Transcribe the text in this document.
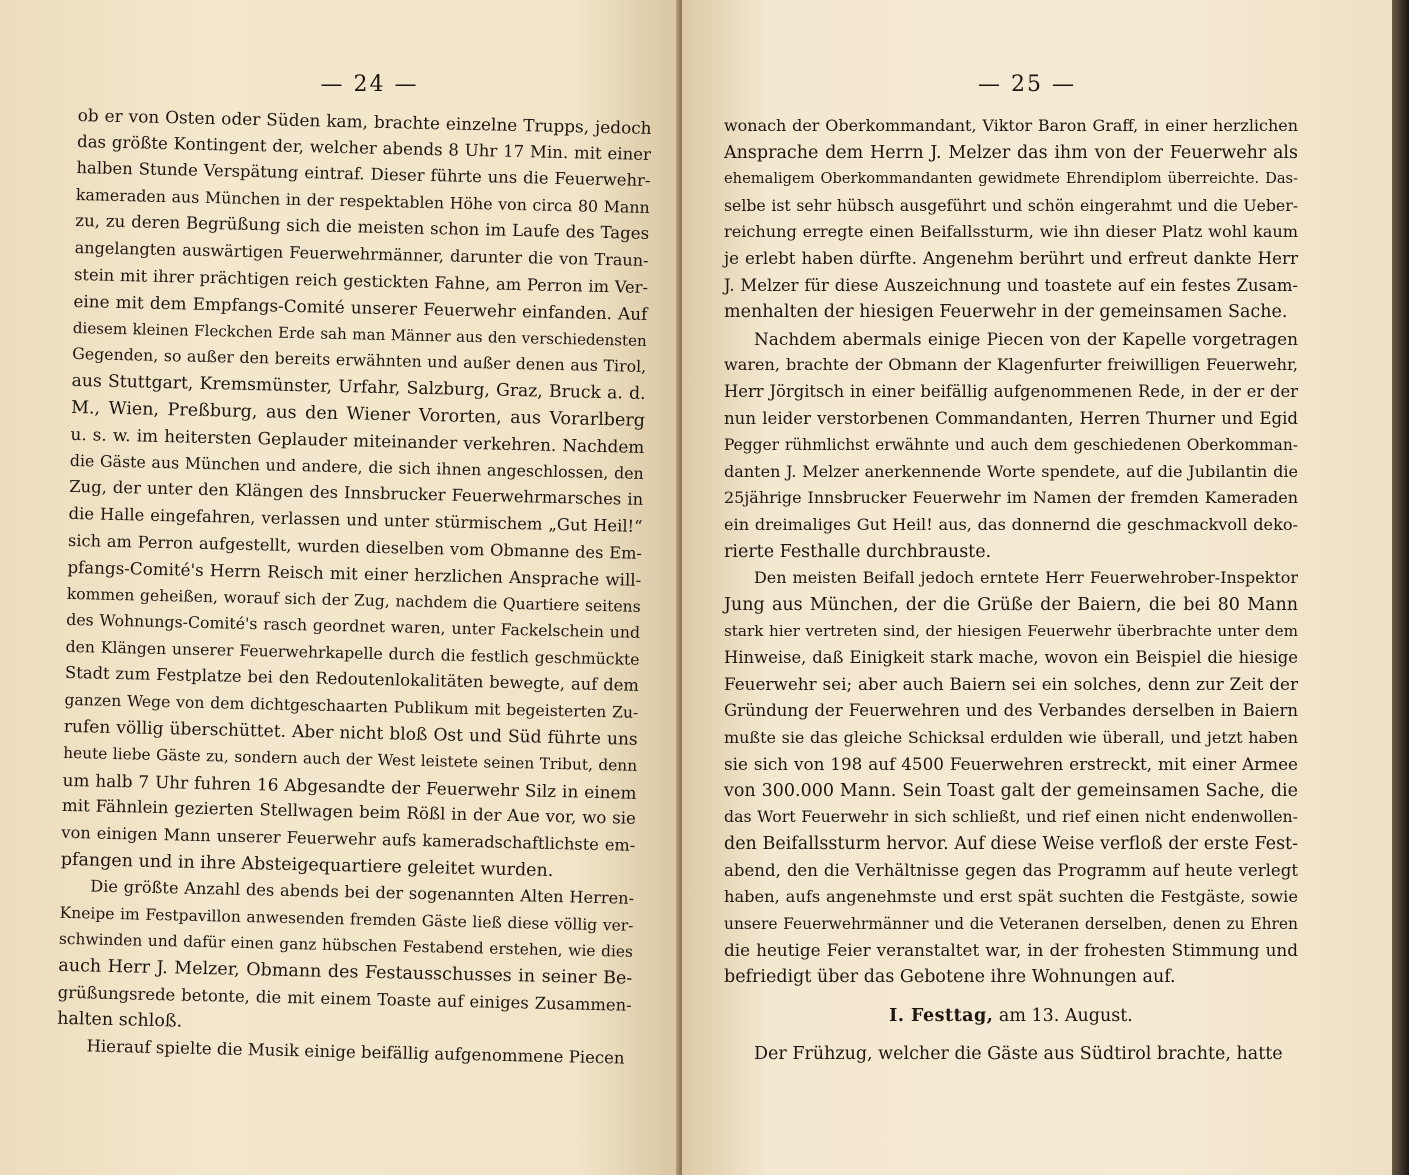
— 24 —
ob er von Osten oder Süden kam, brachte einzelne Trupps, jedoch
das größte Kontingent der, welcher abends 8 Uhr 17 Min. mit einer
halben Stunde Verspätung eintraf. Dieser führte uns die Feuerwehr-
kameraden aus München in der respektablen Höhe von circa 80 Mann
zu, zu deren Begrüßung sich die meisten schon im Laufe des Tages
angelangten auswärtigen Feuerwehrmänner, darunter die von Traun-
stein mit ihrer prächtigen reich gestickten Fahne, am Perron im Ver-
eine mit dem Empfangs-Comité unserer Feuerwehr einfanden. Auf
diesem kleinen Fleckchen Erde sah man Männer aus den verschiedensten
Gegenden, so außer den bereits erwähnten und außer denen aus Tirol,
aus Stuttgart, Kremsmünster, Urfahr, Salzburg, Graz, Bruck a. d.
M., Wien, Preßburg, aus den Wiener Vororten, aus Vorarlberg
u. s. w. im heitersten Geplauder miteinander verkehren. Nachdem
die Gäste aus München und andere, die sich ihnen angeschlossen, den
Zug, der unter den Klängen des Innsbrucker Feuerwehrmarsches in
die Halle eingefahren, verlassen und unter stürmischem „Gut Heil!“
sich am Perron aufgestellt, wurden dieselben vom Obmanne des Em-
pfangs-Comité's Herrn Reisch mit einer herzlichen Ansprache will-
kommen geheißen, worauf sich der Zug, nachdem die Quartiere seitens
des Wohnungs-Comité's rasch geordnet waren, unter Fackelschein und
den Klängen unserer Feuerwehrkapelle durch die festlich geschmückte
Stadt zum Festplatze bei den Redoutenlokalitäten bewegte, auf dem
ganzen Wege von dem dichtgeschaarten Publikum mit begeisterten Zu-
rufen völlig überschüttet. Aber nicht bloß Ost und Süd führte uns
heute liebe Gäste zu, sondern auch der West leistete seinen Tribut, denn
um halb 7 Uhr fuhren 16 Abgesandte der Feuerwehr Silz in einem
mit Fähnlein gezierten Stellwagen beim Rößl in der Aue vor, wo sie
von einigen Mann unserer Feuerwehr aufs kameradschaftlichste em-
pfangen und in ihre Absteigequartiere geleitet wurden.
Die größte Anzahl des abends bei der sogenannten Alten Herren-
Kneipe im Festpavillon anwesenden fremden Gäste ließ diese völlig ver-
schwinden und dafür einen ganz hübschen Festabend erstehen, wie dies
auch Herr J. Melzer, Obmann des Festausschusses in seiner Be-
grüßungsrede betonte, die mit einem Toaste auf einiges Zusammen-
halten schloß.
Hierauf spielte die Musik einige beifällig aufgenommene Piecen
— 25 —
wonach der Oberkommandant, Viktor Baron Graff, in einer herzlichen
Ansprache dem Herrn J. Melzer das ihm von der Feuerwehr als
ehemaligem Oberkommandanten gewidmete Ehrendiplom überreichte. Das-
selbe ist sehr hübsch ausgeführt und schön eingerahmt und die Ueber-
reichung erregte einen Beifallssturm, wie ihn dieser Platz wohl kaum
je erlebt haben dürfte. Angenehm berührt und erfreut dankte Herr
J. Melzer für diese Auszeichnung und toastete auf ein festes Zusam-
menhalten der hiesigen Feuerwehr in der gemeinsamen Sache.
Nachdem abermals einige Piecen von der Kapelle vorgetragen
waren, brachte der Obmann der Klagenfurter freiwilligen Feuerwehr,
Herr Jörgitsch in einer beifällig aufgenommenen Rede, in der er der
nun leider verstorbenen Commandanten, Herren Thurner und Egid
Pegger rühmlichst erwähnte und auch dem geschiedenen Oberkomman-
danten J. Melzer anerkennende Worte spendete, auf die Jubilantin die
25jährige Innsbrucker Feuerwehr im Namen der fremden Kameraden
ein dreimaliges Gut Heil! aus, das donnernd die geschmackvoll deko-
rierte Festhalle durchbrauste.
Den meisten Beifall jedoch erntete Herr Feuerwehrober-Inspektor
Jung aus München, der die Grüße der Baiern, die bei 80 Mann
stark hier vertreten sind, der hiesigen Feuerwehr überbrachte unter dem
Hinweise, daß Einigkeit stark mache, wovon ein Beispiel die hiesige
Feuerwehr sei; aber auch Baiern sei ein solches, denn zur Zeit der
Gründung der Feuerwehren und des Verbandes derselben in Baiern
mußte sie das gleiche Schicksal erdulden wie überall, und jetzt haben
sie sich von 198 auf 4500 Feuerwehren erstreckt, mit einer Armee
von 300.000 Mann. Sein Toast galt der gemeinsamen Sache, die
das Wort Feuerwehr in sich schließt, und rief einen nicht endenwollen-
den Beifallssturm hervor. Auf diese Weise verfloß der erste Fest-
abend, den die Verhältnisse gegen das Programm auf heute verlegt
haben, aufs angenehmste und erst spät suchten die Festgäste, sowie
unsere Feuerwehrmänner und die Veteranen derselben, denen zu Ehren
die heutige Feier veranstaltet war, in der frohesten Stimmung und
befriedigt über das Gebotene ihre Wohnungen auf.
I. Festtag, am 13. August.
Der Frühzug, welcher die Gäste aus Südtirol brachte, hatte
